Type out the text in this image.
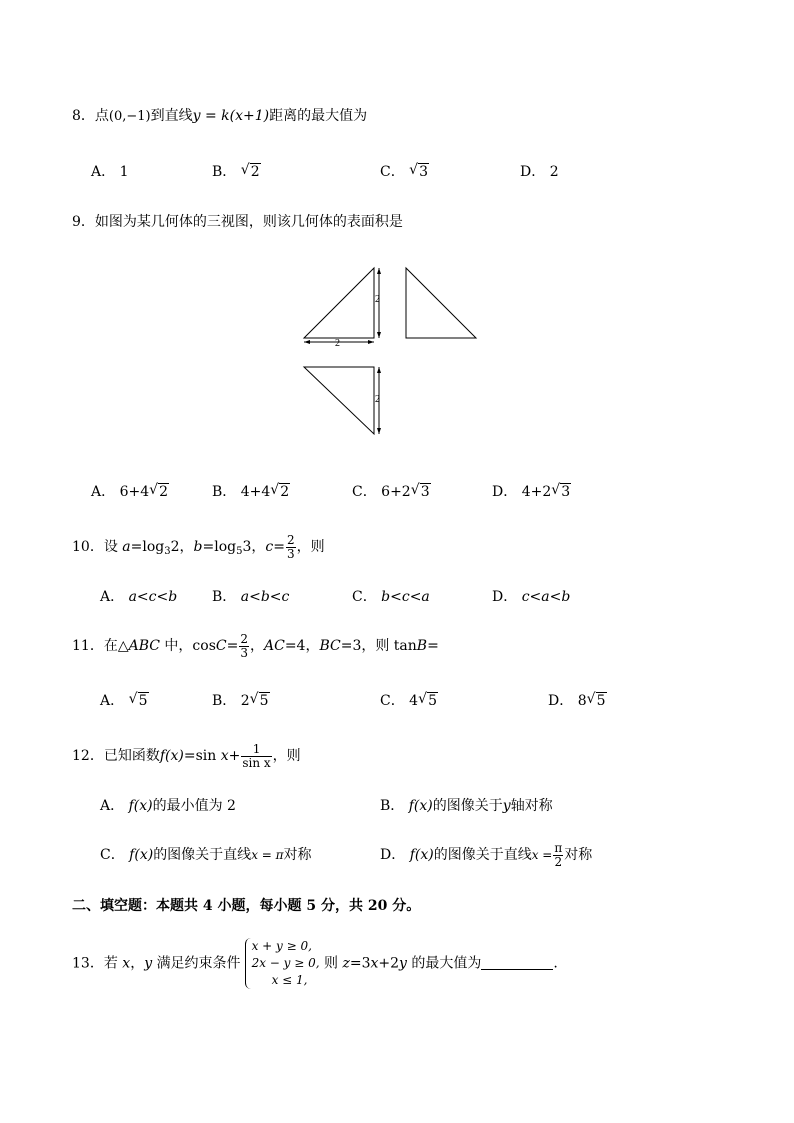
8．点(0,−1)到直线y = k(x+1)距离的最大值为
A． 1	B． √ 2	C． √ 3	D． 2
9．如图为某几何体的三视图，则该几何体的表面积是
2
2
2
A． 6+4 √ 2	B． 4+4 √ 2	C． 6+2 √ 3	D． 4+2 √ 3
10．设 $a=\log_32$，$b=\log_53$，$c= \frac{2}{3}$ ，则
A． a<c<b B． a<b<c	C． b<c<a	D． c<a<b
11．在△ABC 中，$\cos C= \frac{2}{3}$ ，AC=4，BC=3，则 tanB=
A． √ 5	B． 2 √ 5	C． 4 √ 5	D． 8 √ 5
12．已知函数f(x)=sin $x+ \frac{1}{\text{sin x}}$ ，则
A． f(x)的最小值为 2	B． f(x)的图像关于y轴对称
C． f(x)的图像关于直线x = π对称	D． f(x)的图像关于直线$x = \frac{\pi}{2}$ 对称
二、填空题：本题共 4 小题，每小题 5 分，共 20 分。
13．若 x，y 满足约束条件
x + y ≥ 0,
2x − y ≥ 0,
x ≤ 1,
则 z=3x+2y 的最大值为	.
